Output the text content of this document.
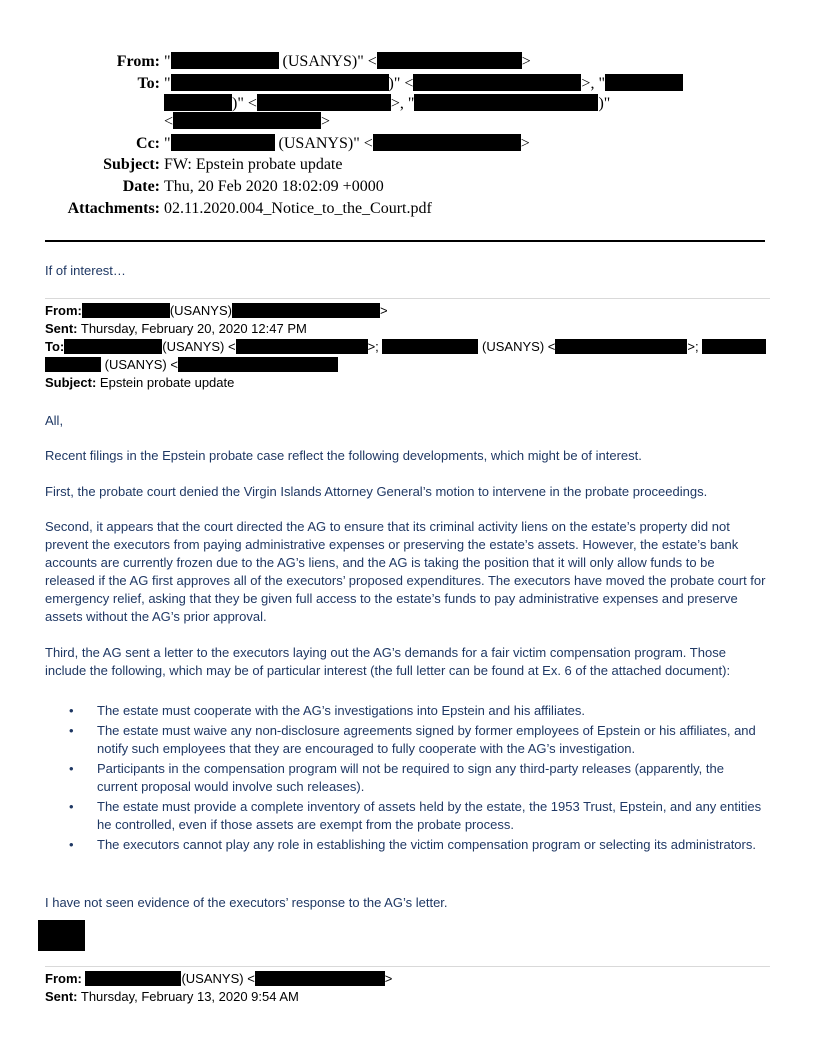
From: "	(USANYS)" <	>
To: "	)" <	>, "
)" <	>, "	)"
<	>
Cc: "	(USANYS)" <	>
Subject: FW: Epstein probate update
Date: Thu, 20 Feb 2020 18:02:09 +0000
Attachments: 02.11.2020.004_Notice_to_the_Court.pdf
If of interest…
From:	(USANYS)	>
Sent: Thursday, February 20, 2020 12:47 PM
To:	(USANYS) <	>;	(USANYS) <	>;
(USANYS) <
Subject: Epstein probate update
All,
Recent filings in the Epstein probate case reflect the following developments, which might be of interest.
First, the probate court denied the Virgin Islands Attorney General’s motion to intervene in the probate proceedings.
Second, it appears that the court directed the AG to ensure that its criminal activity liens on the estate’s property did not prevent the executors from paying administrative expenses or preserving the estate’s assets. However, the estate’s bank accounts are currently frozen due to the AG’s liens, and the AG is taking the position that it will only allow funds to be released if the AG first approves all of the executors’ proposed expenditures. The executors have moved the probate court for emergency relief, asking that they be given full access to the estate’s funds to pay administrative expenses and preserve assets without the AG’s prior approval.
Third, the AG sent a letter to the executors laying out the AG’s demands for a fair victim compensation program. Those include the following, which may be of particular interest (the full letter can be found at Ex. 6 of the attached document):
• The estate must cooperate with the AG’s investigations into Epstein and his affiliates.
• The estate must waive any non-disclosure agreements signed by former employees of Epstein or his affiliates, and notify such employees that they are encouraged to fully cooperate with the AG’s investigation.
• Participants in the compensation program will not be required to sign any third-party releases (apparently, the current proposal would involve such releases).
• The estate must provide a complete inventory of assets held by the estate, the 1953 Trust, Epstein, and any entities he controlled, even if those assets are exempt from the probate process.
• The executors cannot play any role in establishing the victim compensation program or selecting its administrators.
I have not seen evidence of the executors’ response to the AG’s letter.
From:	(USANYS) <	>
Sent: Thursday, February 13, 2020 9:54 AM
